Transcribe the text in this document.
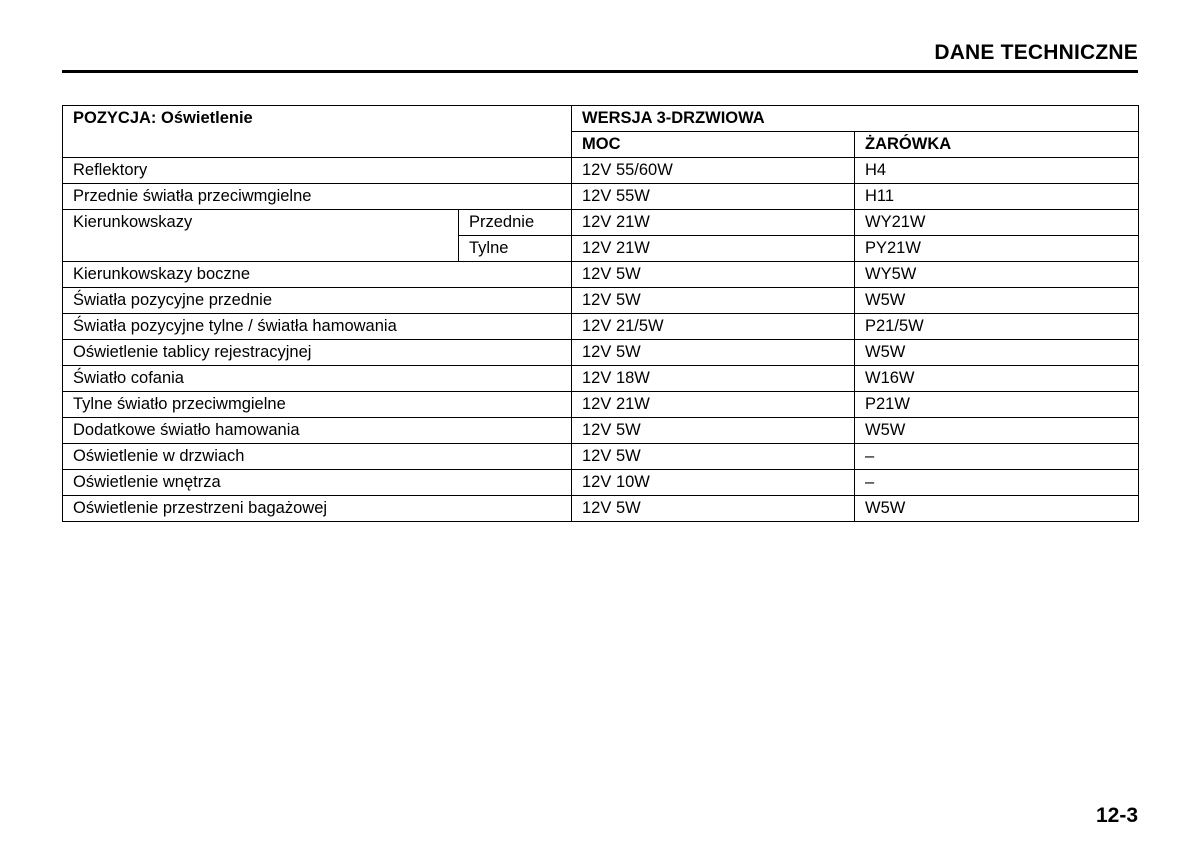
DANE TECHNICZNE
POZYCJA: Oświetlenie		WERSJA 3-DRZWIOWA	
		MOC	ŻARÓWKA
Reflektory		12V 55/60W	H4
Przednie światła przeciwmgielne		12V 55W	H11
Kierunkowskazy	Przednie	12V 21W	WY21W
	Tylne	12V 21W	PY21W
Kierunkowskazy boczne		12V 5W	WY5W
Światła pozycyjne przednie		12V 5W	W5W
Światła pozycyjne tylne / światła hamowania		12V 21/5W	P21/5W
Oświetlenie tablicy rejestracyjnej		12V 5W	W5W
Światło cofania		12V 18W	W16W
Tylne światło przeciwmgielne		12V 21W	P21W
Dodatkowe światło hamowania		12V 5W	W5W
Oświetlenie w drzwiach		12V 5W	–
Oświetlenie wnętrza		12V 10W	–
Oświetlenie przestrzeni bagażowej		12V 5W	W5W
12-3
